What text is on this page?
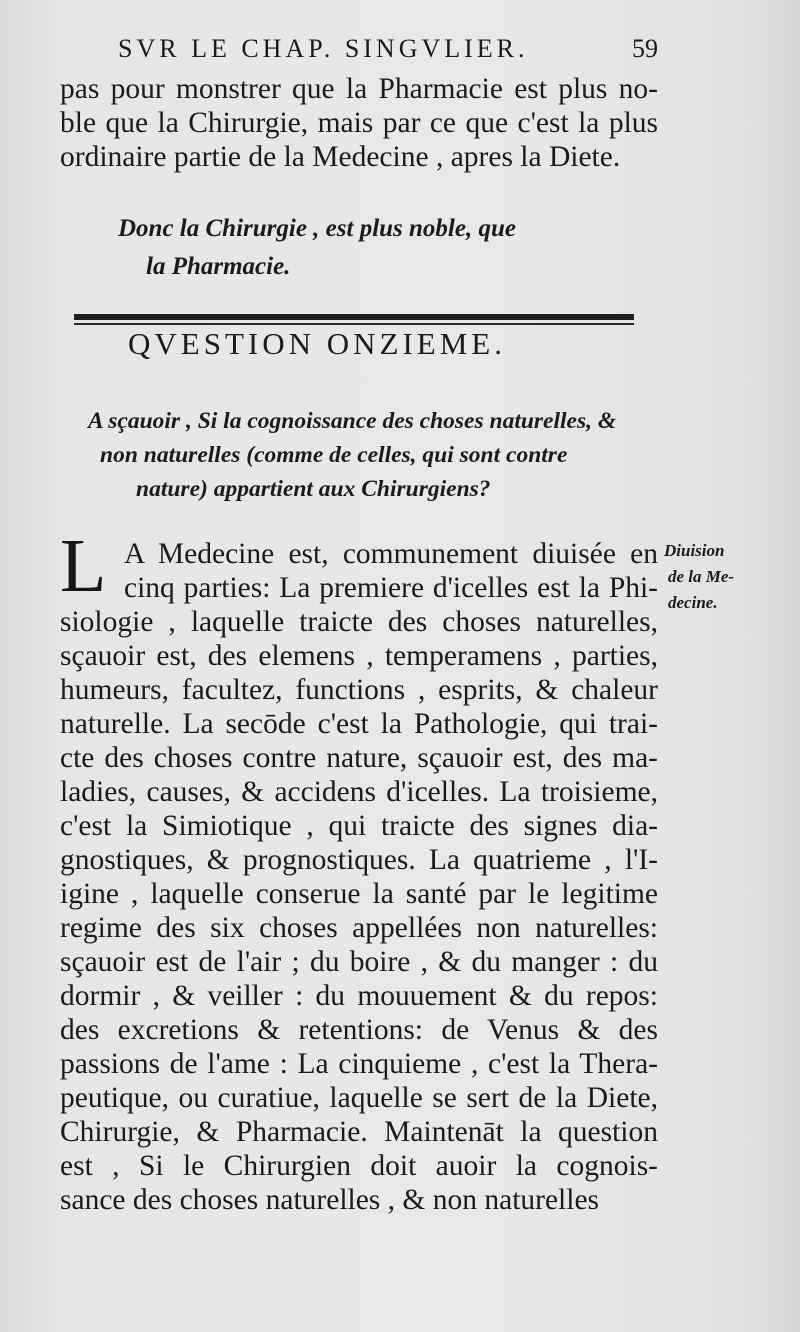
SVR LE CHAP. SINGVLIER.	59
pas pour monstrer que la Pharmacie est plus no-
ble que la Chirurgie, mais par ce que c'est la plus
ordinaire partie de la Medecine , apres la Diete.
Donc la Chirurgie , est plus noble, que
la Pharmacie.
QVESTION ONZIEME.
A sçauoir , Si la cognoissance des choses naturelles, &
non naturelles (comme de celles, qui sont contre
nature) appartient aux Chirurgiens?
L A Medecine est, communement diuisée en
cinq parties: La premiere d'icelles est la Phi-
siologie , laquelle traicte des choses naturelles,
sçauoir est, des elemens , temperamens , parties,
humeurs, facultez, functions , esprits, & chaleur
naturelle. La secōde c'est la Pathologie, qui trai-
cte des choses contre nature, sçauoir est, des ma-
ladies, causes, & accidens d'icelles. La troisieme,
c'est la Simiotique , qui traicte des signes dia-
gnostiques, & prognostiques. La quatrieme , l'I-
igine , laquelle conserue la santé par le legitime
regime des six choses appellées non naturelles:
sçauoir est de l'air ; du boire , & du manger : du
dormir , & veiller : du mouuement & du repos:
des excretions & retentions: de Venus & des
passions de l'ame : La cinquieme , c'est la Thera-
peutique, ou curatiue, laquelle se sert de la Diete,
Chirurgie, & Pharmacie. Maintenāt la question
est , Si le Chirurgien doit auoir la cognois-
sance des choses naturelles , & non naturelles
Diuision
de la Me-
decine.
